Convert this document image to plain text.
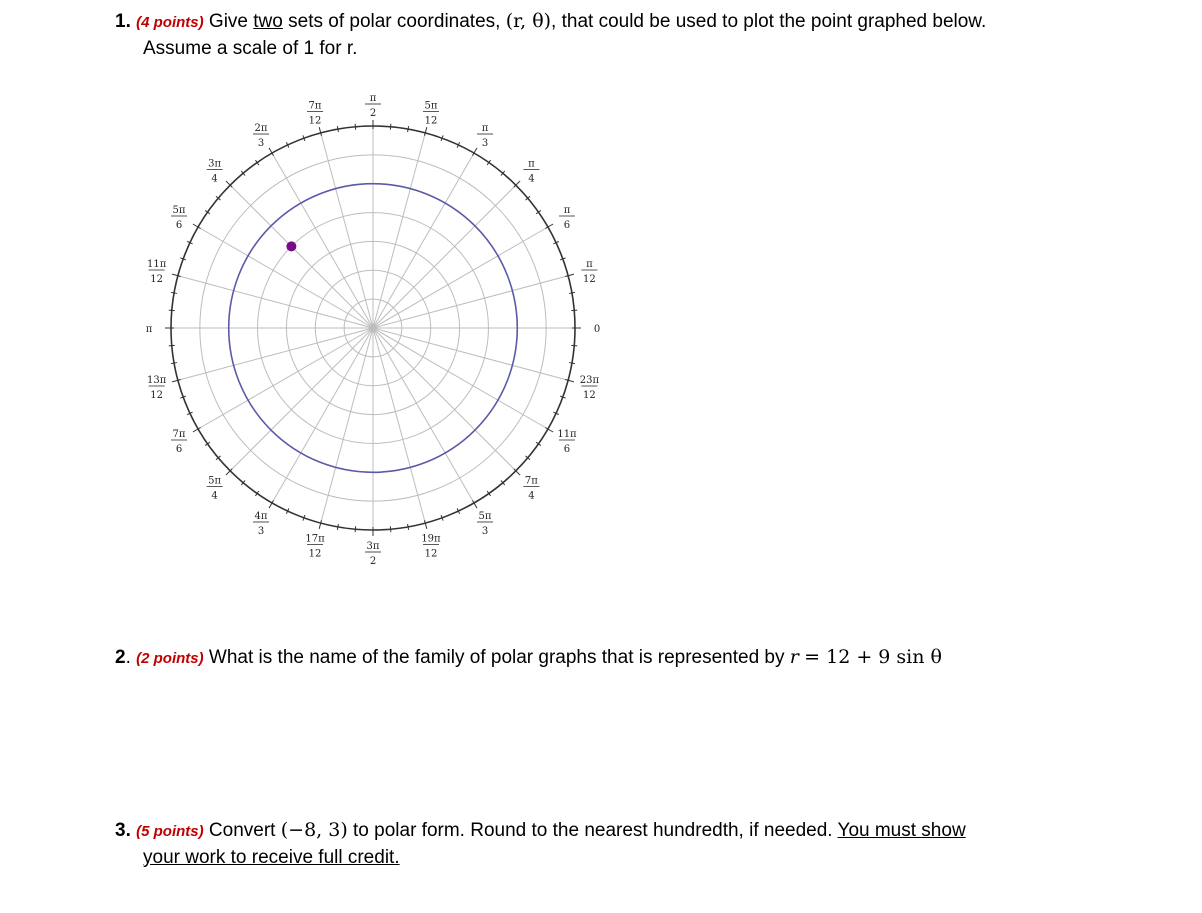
1. (4 points) Give two sets of polar coordinates, (r, θ), that could be used to plot the point graphed below.
Assume a scale of 1 for r.
π
2
5π
12
π
3
π
4
π
6
π
12
0
23π
12
11π
6
7π
4
5π
3
19π
12
3π
2
17π
12
4π
3
5π
4
7π
6
13π
12
π
11π
12
5π
6
3π
4
2π
3
7π
12
2. (2 points) What is the name of the family of polar graphs that is represented by r = 12 + 9 sin θ
3. (5 points) Convert (−8, 3) to polar form. Round to the nearest hundredth, if needed. You must show
your work to receive full credit.
